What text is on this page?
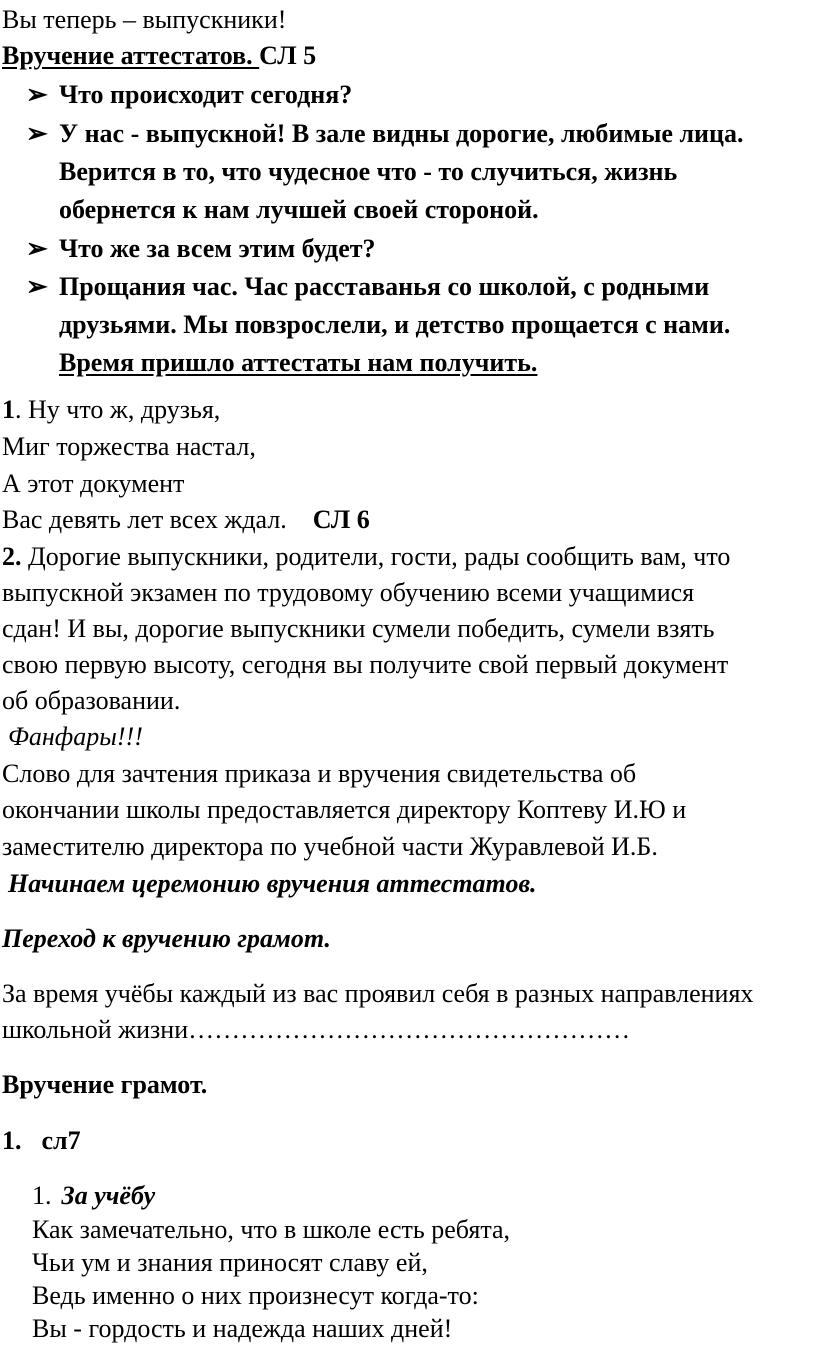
Вы теперь – выпускники!
Вручение аттестатов. СЛ 5
➢ Что происходит сегодня?
➢ У нас - выпускной! В зале видны дорогие, любимые лица.
Верится в то, что чудесное что - то случиться, жизнь
обернется к нам лучшей своей стороной.
➢ Что же за всем этим будет?
➢ Прощания час. Час расставанья со школой, с родными
друзьями. Мы повзрослели, и детство прощается с нами.
Время пришло аттестаты нам получить.
1. Ну что ж, друзья,
Миг торжества настал,
А этот документ
Вас девять лет всех ждал. СЛ 6
2. Дорогие выпускники, родители, гости, рады сообщить вам, что
выпускной экзамен по трудовому обучению всеми учащимися
сдан! И вы, дорогие выпускники сумели победить, сумели взять
свою первую высоту, сегодня вы получите свой первый документ
об образовании.
Фанфары!!!
Слово для зачтения приказа и вручения свидетельства об
окончании школы предоставляется директору Коптеву И.Ю и
заместителю директора по учебной части Журавлевой И.Б.
Начинаем церемонию вручения аттестатов.
Переход к вручению грамот.
За время учёбы каждый из вас проявил себя в разных направлениях
школьной жизни……………………………………………
Вручение грамот.
1. сл7
1. За учёбу
Как замечательно, что в школе есть ребята,
Чьи ум и знания приносят славу ей,
Ведь именно о них произнесут когда-то:
Вы - гордость и надежда наших дней!
